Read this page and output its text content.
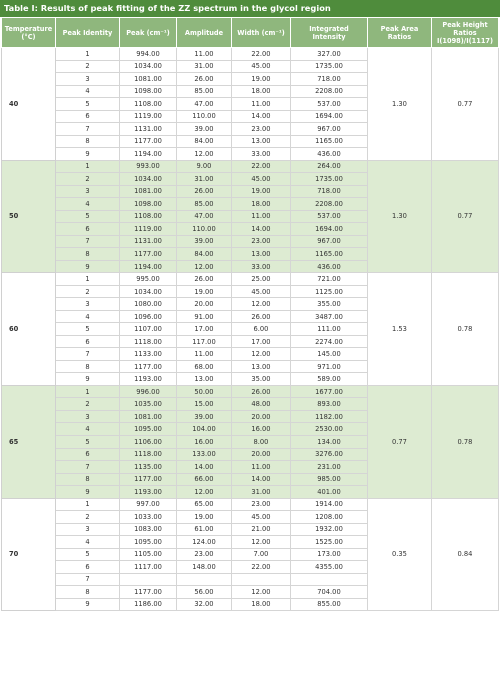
Table I: Results of peak fitting of the ZZ spectrum in the glycol region
Temperature (°C)	Peak Identity	Peak (cm⁻¹)	Amplitude	Width (cm⁻¹)	Integrated Intensity	Peak Area Ratios	Peak Height Ratios I(1098)/I(1117)
40	1	994.00	11.00	22.00	327.00	1.30	0.77
	2	1034.00	31.00	45.00	1735.00		
	3	1081.00	26.00	19.00	718.00		
	4	1098.00	85.00	18.00	2208.00		
	5	1108.00	47.00	11.00	537.00		
	6	1119.00	110.00	14.00	1694.00		
	7	1131.00	39.00	23.00	967.00		
	8	1177.00	84.00	13.00	1165.00		
	9	1194.00	12.00	33.00	436.00		
50	1	993.00	9.00	22.00	264.00	1.30	0.77
	2	1034.00	31.00	45.00	1735.00		
	3	1081.00	26.00	19.00	718.00		
	4	1098.00	85.00	18.00	2208.00		
	5	1108.00	47.00	11.00	537.00		
	6	1119.00	110.00	14.00	1694.00		
	7	1131.00	39.00	23.00	967.00		
	8	1177.00	84.00	13.00	1165.00		
	9	1194.00	12.00	33.00	436.00		
60	1	995.00	26.00	25.00	721.00	1.53	0.78
	2	1034.00	19.00	45.00	1125.00		
	3	1080.00	20.00	12.00	355.00		
	4	1096.00	91.00	26.00	3487.00		
	5	1107.00	17.00	6.00	111.00		
	6	1118.00	117.00	17.00	2274.00		
	7	1133.00	11.00	12.00	145.00		
	8	1177.00	68.00	13.00	971.00		
	9	1193.00	13.00	35.00	589.00		
65	1	996.00	50.00	26.00	1677.00	0.77	0.78
	2	1035.00	15.00	48.00	893.00		
	3	1081.00	39.00	20.00	1182.00		
	4	1095.00	104.00	16.00	2530.00		
	5	1106.00	16.00	8.00	134.00		
	6	1118.00	133.00	20.00	3276.00		
	7	1135.00	14.00	11.00	231.00		
	8	1177.00	66.00	14.00	985.00		
	9	1193.00	12.00	31.00	401.00		
70	1	997.00	65.00	23.00	1914.00	0.35	0.84
	2	1033.00	19.00	45.00	1208.00		
	3	1083.00	61.00	21.00	1932.00		
	4	1095.00	124.00	12.00	1525.00		
	5	1105.00	23.00	7.00	173.00		
	6	1117.00	148.00	22.00	4355.00		
	7						
	8	1177.00	56.00	12.00	704.00		
	9	1186.00	32.00	18.00	855.00		
